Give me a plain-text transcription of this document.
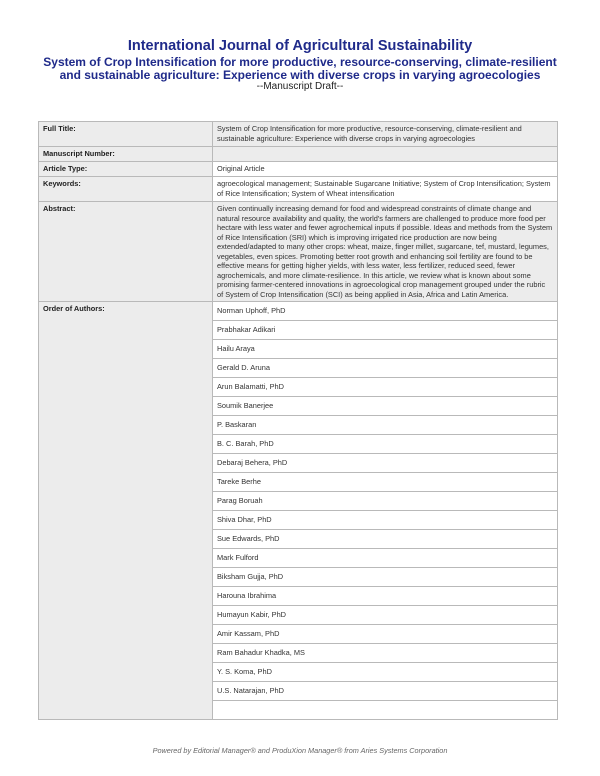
International Journal of Agricultural Sustainability
System of Crop Intensification for more productive, resource-conserving, climate-resilient and sustainable agriculture: Experience with diverse crops in varying agroecologies
--Manuscript Draft--
Full Title:	System of Crop Intensification for more productive, resource-conserving, climate-resilient and sustainable agriculture: Experience with diverse crops in varying agroecologies
Manuscript Number:	
Article Type:	Original Article
Keywords:	agroecological management; Sustainable Sugarcane Initiative; System of Crop Intensification; System of Rice Intensification; System of Wheat intensification
Abstract:	Given continually increasing demand for food and widespread constraints of climate change and natural resource availability and quality, the world's farmers are challenged to produce more food per hectare with less water and fewer agrochemical inputs if possible. Ideas and methods from the System of Rice Intensification (SRI) which is improving irrigated rice production are now being extended/adapted to many other crops: wheat, maize, finger millet, sugarcane, tef, mustard, legumes, vegetables, even spices. Promoting better root growth and enhancing soil fertility are found to be effective means for getting higher yields, with less water, less fertilizer, reduced seed, fewer agrochemicals, and more climate-resilience. In this article, we review what is known about some promising farmer-centered innovations in agroecological crop management grouped under the rubric of System of Crop Intensification (SCI) as being applied in Asia, Africa and Latin America.
Order of Authors:	Norman Uphoff, PhD
	Prabhakar Adikari
	Hailu Araya
	Gerald D. Aruna
	Arun Balamatti, PhD
	Soumik Banerjee
	P. Baskaran
	B. C. Barah, PhD
	Debaraj Behera, PhD
	Tareke Berhe
	Parag Boruah
	Shiva Dhar, PhD
	Sue Edwards, PhD
	Mark Fulford
	Biksham Gujja, PhD
	Harouna Ibrahima
	Humayun Kabir, PhD
	Amir Kassam, PhD
	Ram Bahadur Khadka, MS
	Y. S. Koma, PhD
	U.S. Natarajan, PhD

Powered by Editorial Manager® and ProduXion Manager® from Aries Systems Corporation
